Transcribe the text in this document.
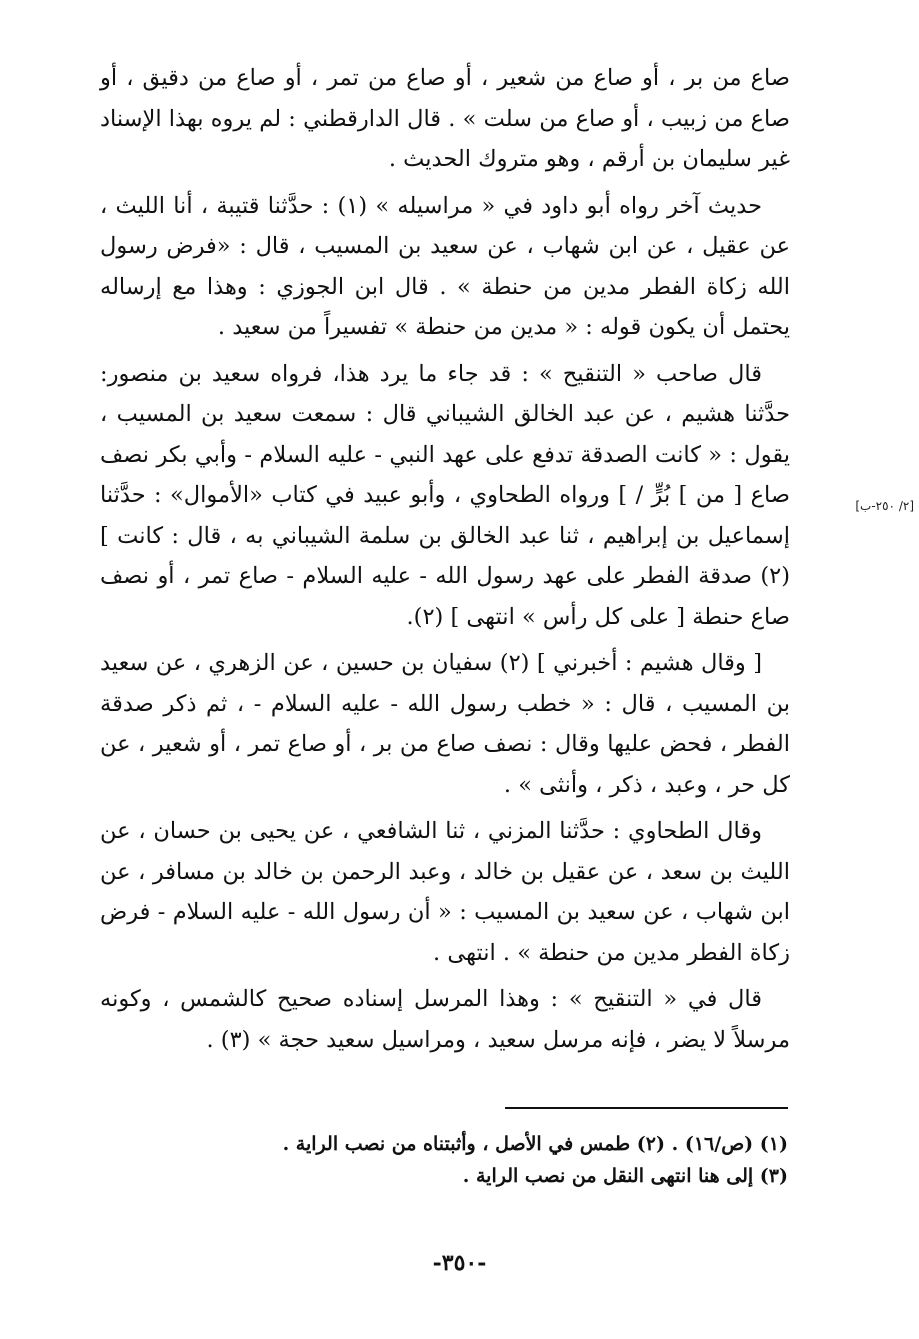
صاع من بر ، أو صاع من شعير ، أو صاع من تمر ، أو صاع من دقيق ، أو صاع من زبيب ، أو صاع من سلت » . قال الدارقطني : لم يروه بهذا الإسناد غير سليمان بن أرقم ، وهو متروك الحديث .

حديث آخر رواه أبو داود في « مراسيله » (١) : حدَّثنا قتيبة ، أنا الليث ، عن عقيل ، عن ابن شهاب ، عن سعيد بن المسيب ، قال : «فرض رسول الله زكاة الفطر مدين من حنطة » . قال ابن الجوزي : وهذا مع إرساله يحتمل أن يكون قوله : « مدين من حنطة » تفسيراً من سعيد .

قال صاحب « التنقيح » : قد جاء ما يرد هذا، فرواه سعيد بن منصور: حدَّثنا هشيم ، عن عبد الخالق الشيباني قال : سمعت سعيد بن المسيب ، يقول : « كانت الصدقة تدفع على عهد النبي - عليه السلام - وأبي بكر نصف صاع [ من ] بُرٍّ / ] ورواه الطحاوي ، وأبو عبيد في كتاب «الأموال» : حدَّثنا إسماعيل بن إبراهيم ، ثنا عبد الخالق بن سلمة الشيباني به ، قال : كانت ] (٢) صدقة الفطر على عهد رسول الله - عليه السلام - صاع تمر ، أو نصف صاع حنطة [ على كل رأس » انتهى ] (٢).

[ وقال هشيم : أخبرني ] (٢) سفيان بن حسين ، عن الزهري ، عن سعيد بن المسيب ، قال : « خطب رسول الله - عليه السلام - ، ثم ذكر صدقة الفطر ، فحض عليها وقال : نصف صاع من بر ، أو صاع تمر ، أو شعير ، عن كل حر ، وعبد ، ذكر ، وأنثى » .

وقال الطحاوي : حدَّثنا المزني ، ثنا الشافعي ، عن يحيى بن حسان ، عن الليث بن سعد ، عن عقيل بن خالد ، وعبد الرحمن بن خالد بن مسافر ، عن ابن شهاب ، عن سعيد بن المسيب : « أن رسول الله - عليه السلام - فرض زكاة الفطر مدين من حنطة » . انتهى .

قال في « التنقيح » : وهذا المرسل إسناده صحيح كالشمس ، وكونه مرسلاً لا يضر ، فإنه مرسل سعيد ، ومراسيل سعيد حجة » (٣) .

[٢/ ٢٥٠-ب]
(١) (ص/١٦) . (٢) طمس في الأصل ، وأثبتناه من نصب الراية .
(٣) إلى هنا انتهى النقل من نصب الراية .
-٣٥٠-
